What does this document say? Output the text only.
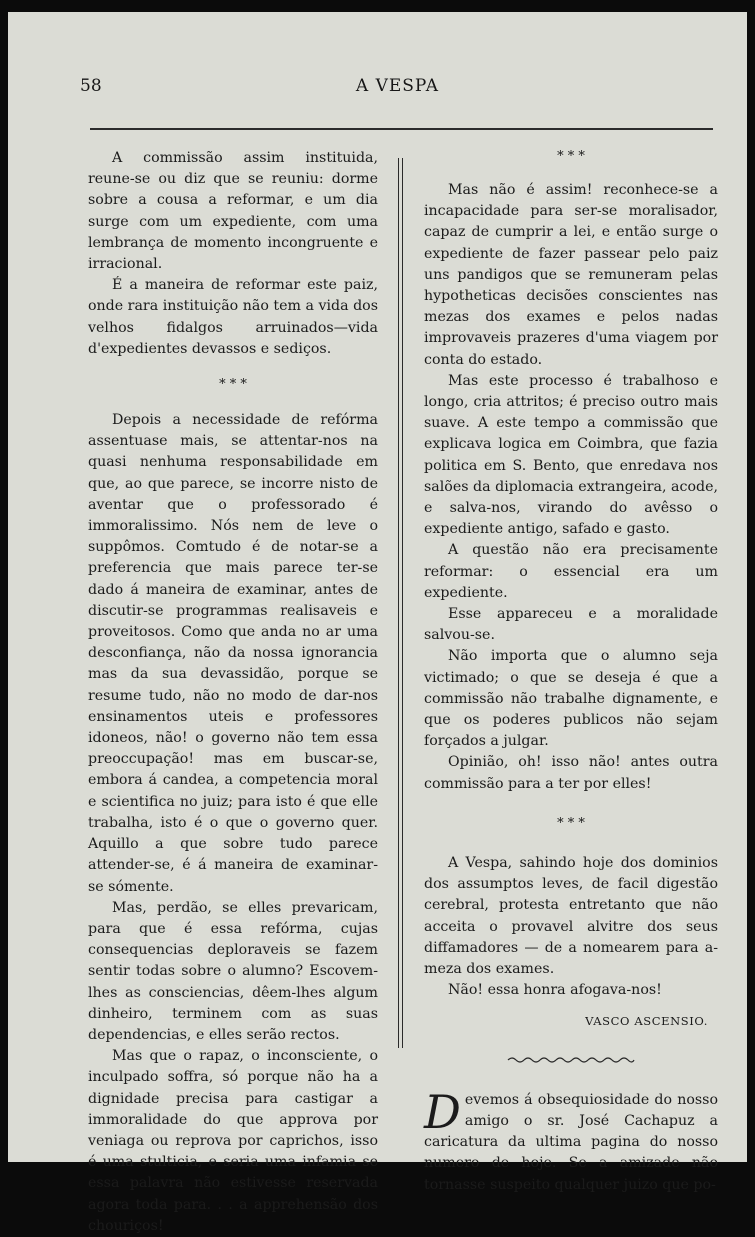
58	A VESPA

A commissão assim instituida, reune-se ou diz que se reuniu: dorme sobre a cousa a reformar, e um dia surge com um expediente, com uma lembrança de momento incongruente e irracional.

É a maneira de reformar este paiz, onde rara instituição não tem a vida dos velhos fidalgos arruinados—vida d'expedientes devassos e sediços.

* * *

Depois a necessidade de refórma assentuase mais, se attentar-nos na quasi nenhuma responsabilidade em que, ao que parece, se incorre nisto de aventar que o professorado é immoralissimo. Nós nem de leve o suppômos. Comtudo é de notar-se a preferencia que mais parece ter-se dado á maneira de examinar, antes de discutir-se programmas realisaveis e proveitosos. Como que anda no ar uma desconfiança, não da nossa ignorancia mas da sua devassidão, porque se resume tudo, não no modo de dar-nos ensinamentos uteis e professores idoneos, não! o governo não tem essa preoccupação! mas em buscar-se, embora á candea, a competencia moral e scientifica no juiz; para isto é que elle trabalha, isto é o que o governo quer. Aquillo a que sobre tudo parece attender-se, é á maneira de examinar-se sómente.

Mas, perdão, se elles prevaricam, para que é essa refórma, cujas consequencias deploraveis se fazem sentir todas sobre o alumno? Escovem-lhes as consciencias, dêem-lhes algum dinheiro, terminem com as suas dependencias, e elles serão rectos.

Mas que o rapaz, o inconsciente, o inculpado soffra, só porque não ha a dignidade precisa para castigar a immoralidade do que approva por veniaga ou reprova por caprichos, isso é uma stulticia, e seria uma infamia se essa palavra não estivesse reservada agora toda para. . . a apprehensão dos chouriços!

* * *

Mas não é assim! reconhece-se a incapacidade para ser-se moralisador, capaz de cumprir a lei, e então surge o expediente de fazer passear pelo paiz uns pandigos que se remuneram pelas hypotheticas decisões conscientes nas mezas dos exames e pelos nadas improvaveis prazeres d'uma viagem por conta do estado.

Mas este processo é trabalhoso e longo, cria attritos; é preciso outro mais suave. A este tempo a commissão que explicava logica em Coimbra, que fazia politica em S. Bento, que enredava nos salões da diplomacia extrangeira, acode, e salva-nos, virando do avêsso o expediente antigo, safado e gasto.

A questão não era precisamente reformar: o essencial era um expediente.

Esse appareceu e a moralidade salvou-se.

Não importa que o alumno seja victimado; o que se deseja é que a commissão não trabalhe dignamente, e que os poderes publicos não sejam forçados a julgar.

Opinião, oh! isso não! antes outra commissão para a ter por elles!

* * *

A Vespa, sahindo hoje dos dominios dos assumptos leves, de facil digestão cerebral, protesta entretanto que não acceita o provavel alvitre dos seus diffamadores — de a nomearem para a-meza dos exames.

Não! essa honra afogava-nos!

VASCO ASCENSIO.

D evemos á obsequiosidade do nosso amigo o sr. José Cachapuz a caricatura da ultima pagina do nosso numero de hoje. Se a amizade não tornasse suspeito qualquer juizo que po-
